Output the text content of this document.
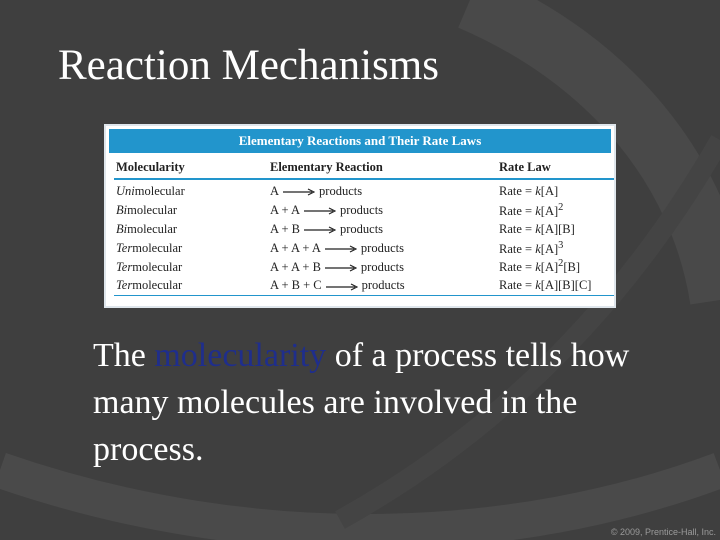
Reaction Mechanisms
Elementary Reactions and Their Rate Laws
Molecularity	Elementary Reaction	Rate Law
Unimolecular	A → products	Rate = k[A]
Bimolecular	A + A → products	Rate = $k[A]^2$
Bimolecular	A + B → products	Rate = k[A][B]
Termolecular	A + A + A → products	Rate = $k[A]^3$
Termolecular	A + A + B → products	Rate = $k[A]^2[B]$
Termolecular	A + B + C → products	Rate = k[A][B][C]

The molecularity of a process tells how many molecules are involved in the process.

© 2009, Prentice-Hall, Inc.
